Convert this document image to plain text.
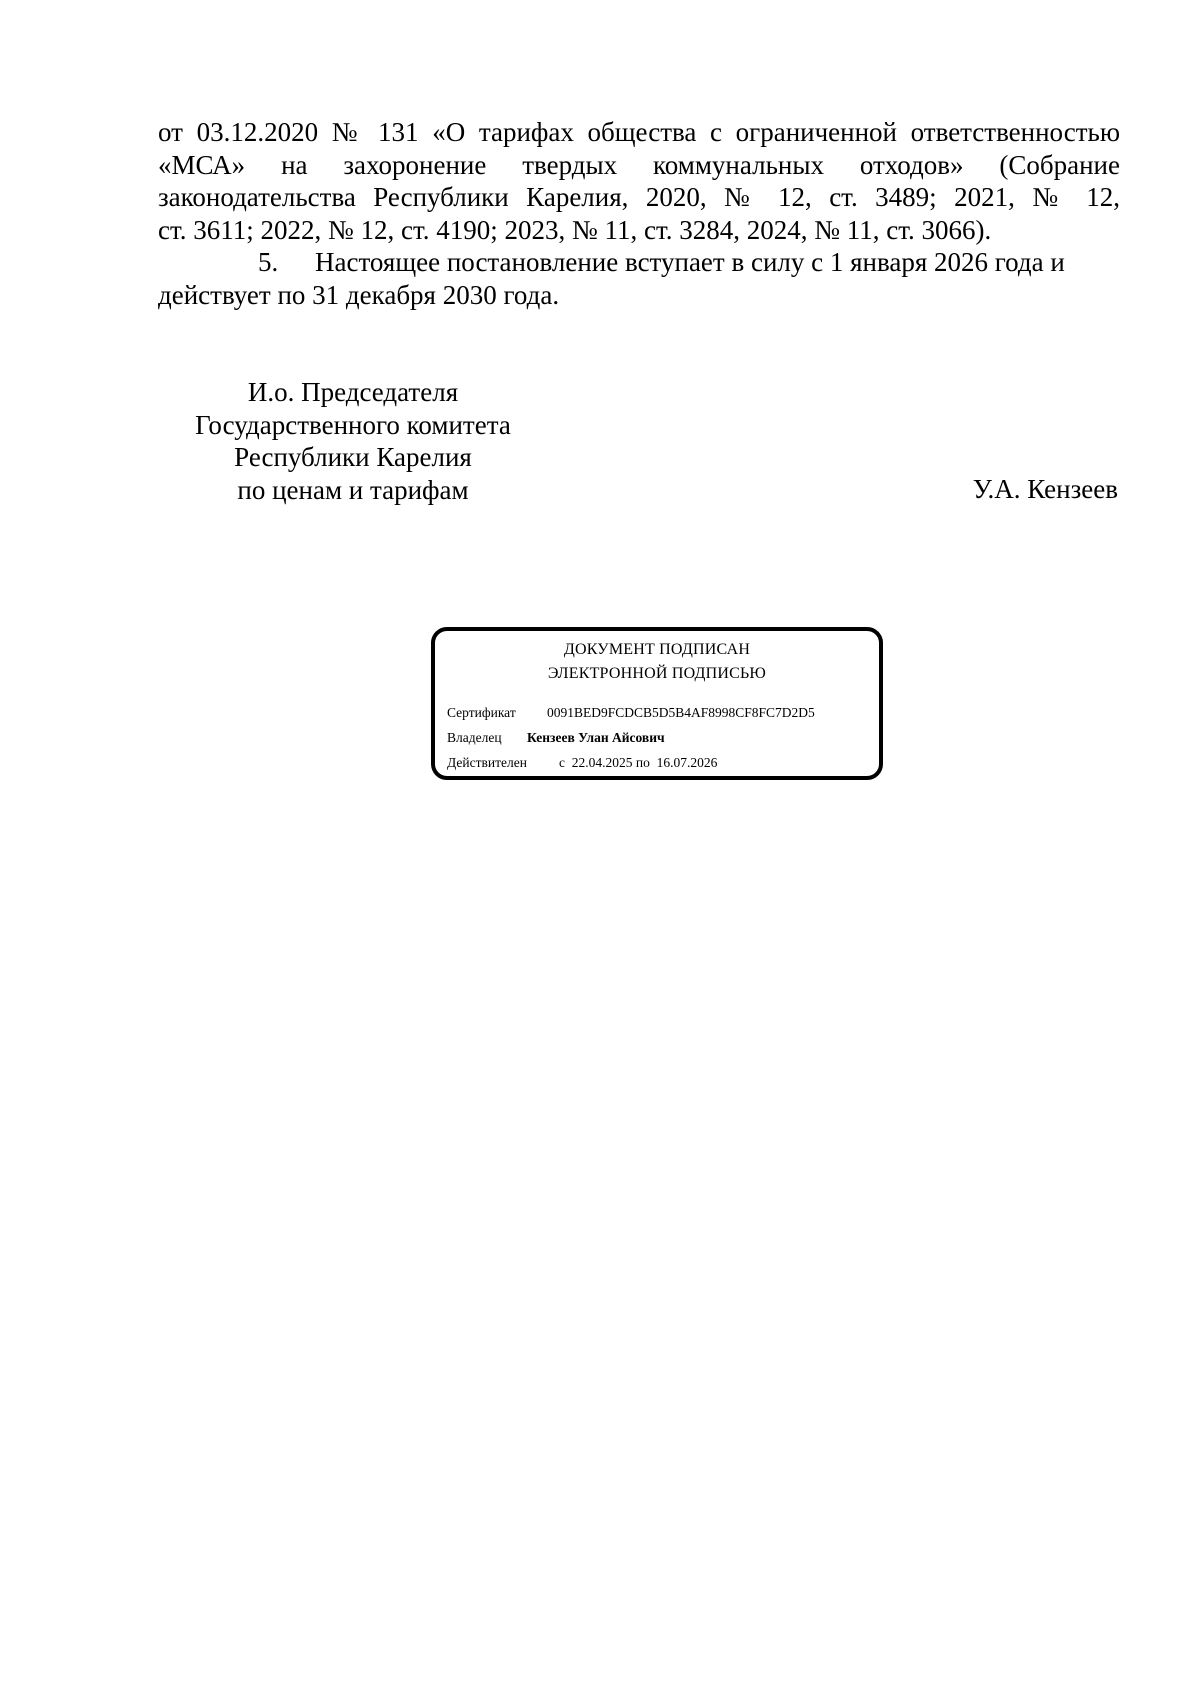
от 03.12.2020 № 131 «О тарифах общества с ограниченной ответственностью
«МСА» на захоронение твердых коммунальных отходов» (Собрание
законодательства Республики Карелия, 2020, № 12, ст. 3489; 2021, № 12,
ст. 3611; 2022, № 12, ст. 4190; 2023, № 11, ст. 3284, 2024, № 11, ст. 3066).
5. Настоящее постановление вступает в силу с 1 января 2026 года и
действует по 31 декабря 2030 года.
И.о. Председателя
Государственного комитета
Республики Карелия
по ценам и тарифам	У.А. Кензеев
ДОКУМЕНТ ПОДПИСАН
ЭЛЕКТРОННОЙ ПОДПИСЬЮ
Сертификат 0091BED9FCDCB5D5B4AF8998CF8FC7D2D5
Владелец Кензеев Улан Айсович
Действителен с  22.04.2025 по  16.07.2026
